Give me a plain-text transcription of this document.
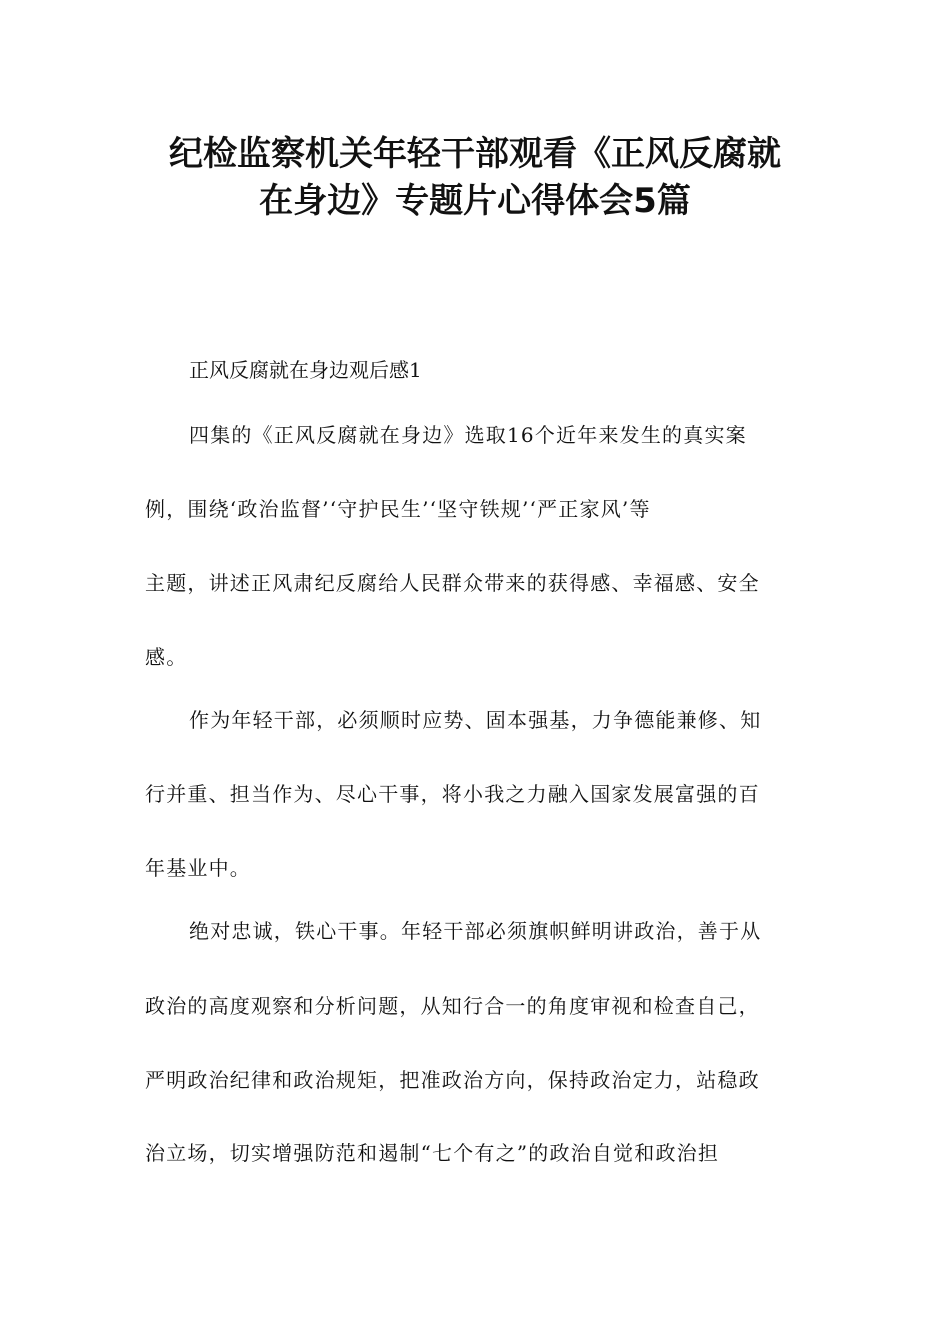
纪检监察机关年轻干部观看《正风反腐就
在身边》专题片心得体会5篇

正风反腐就在身边观后感1

四集的《正风反腐就在身边》选取16个近年来发生的真实案

例，围绕‘政治监督’‘守护民生’‘坚守铁规’‘严正家风’等

主题，讲述正风肃纪反腐给人民群众带来的获得感、幸福感、安全

感。

作为年轻干部，必须顺时应势、固本强基，力争德能兼修、知

行并重、担当作为、尽心干事，将小我之力融入国家发展富强的百

年基业中。

绝对忠诚，铁心干事。年轻干部必须旗帜鲜明讲政治，善于从

政治的高度观察和分析问题，从知行合一的角度审视和检查自己，

严明政治纪律和政治规矩，把准政治方向，保持政治定力，站稳政

治立场，切实增强防范和遏制“七个有之”的政治自觉和政治担
